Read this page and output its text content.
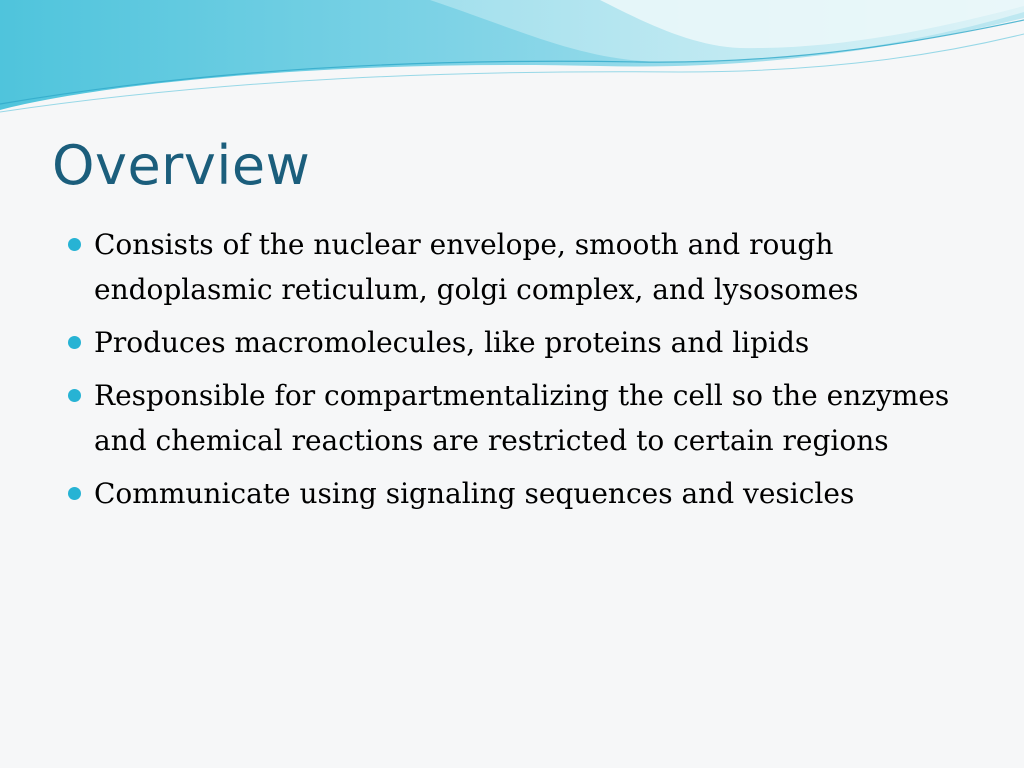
Overview
Consists of the nuclear envelope, smooth and rough endoplasmic reticulum, golgi complex, and lysosomes
Produces macromolecules, like proteins and lipids
Responsible for compartmentalizing the cell so the enzymes and chemical reactions are restricted to certain regions
Communicate using signaling sequences and vesicles
